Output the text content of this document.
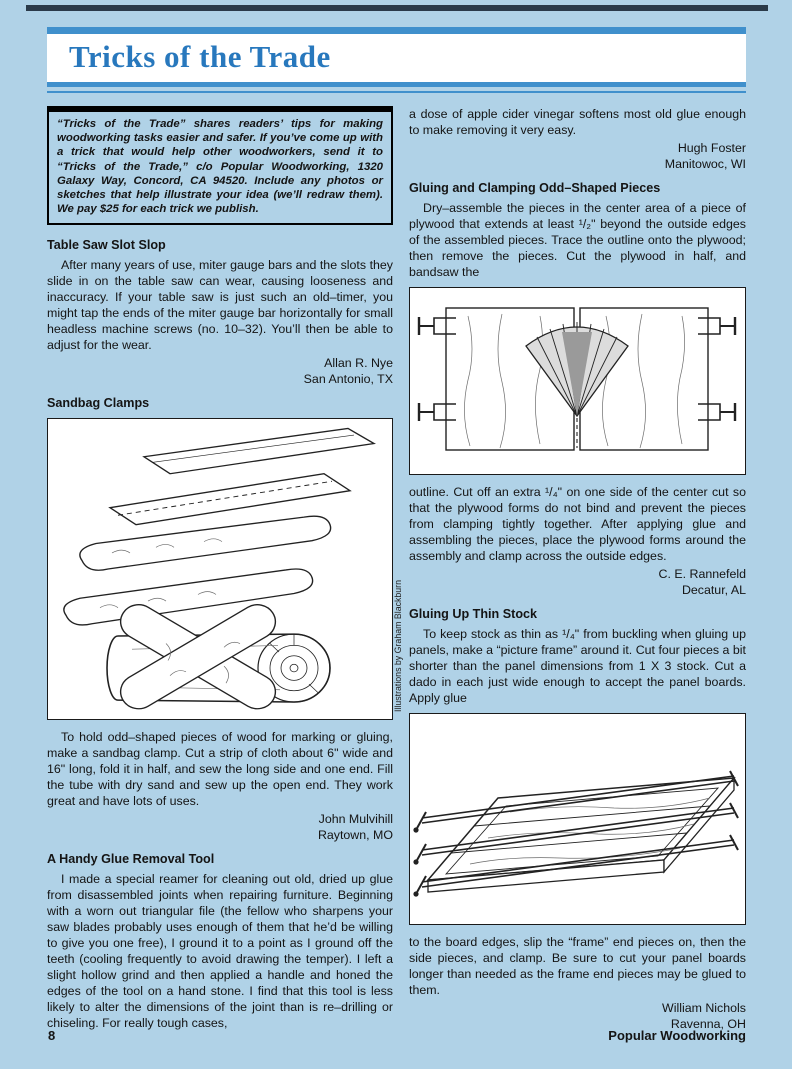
Tricks of the Trade
“Tricks of the Trade” shares readers’ tips for making woodworking tasks easier and safer. If you’ve come up with a trick that would help other woodworkers, send it to “Tricks of the Trade,” c/o Popular Woodworking, 1320 Galaxy Way, Concord, CA 94520. Include any photos or sketches that help illustrate your idea (we’ll redraw them). We pay $25 for each trick we publish.
Table Saw Slot Slop

After many years of use, miter gauge bars and the slots they slide in on the table saw can wear, causing looseness and inaccuracy. If your table saw is just such an old–timer, you might tap the ends of the miter gauge bar horizontally for small headless machine screws (no. 10–32). You’ll then be able to adjust for the wear.

Allan R. Nye
San Antonio, TX
Sandbag Clamps

To hold odd–shaped pieces of wood for marking or gluing, make a sandbag clamp. Cut a strip of cloth about 6" wide and 16" long, fold it in half, and sew the long side and one end. Fill the tube with dry sand and sew up the open end. They work great and have lots of uses.

John Mulvihill
Raytown, MO
A Handy Glue Removal Tool

I made a special reamer for cleaning out old, dried up glue from disassembled joints when repairing furniture. Beginning with a worn out triangular file (the fellow who sharpens your saw blades probably uses enough of them that he’d be willing to give you one free), I ground it to a point as I ground off the teeth (cooling frequently to avoid drawing the temper). I left a slight hollow grind and then applied a handle and honed the edges of the tool on a hand stone. I find that this tool is less likely to alter the dimensions of the joint than is re–drilling or chiseling. For really tough cases,

a dose of apple cider vinegar softens most old glue enough to make removing it very easy.

Hugh Foster
Manitowoc, WI
Gluing and Clamping Odd–Shaped Pieces

Dry–assemble the pieces in the center area of a piece of plywood that extends at least ¹/₂" beyond the outside edges of the assembled pieces. Trace the outline onto the plywood; then remove the pieces. Cut the plywood in half, and bandsaw the

outline. Cut off an extra ¹/₄" on one side of the center cut so that the plywood forms do not bind and prevent the pieces from clamping tightly together. After applying glue and assembling the pieces, place the plywood forms around the assembly and clamp across the outside edges.

C. E. Rannefeld
Decatur, AL
Gluing Up Thin Stock

To keep stock as thin as ¹/₄" from buckling when gluing up panels, make a “picture frame” around it. Cut four pieces a bit shorter than the panel dimensions from 1 X 3 stock. Cut a dado in each just wide enough to accept the panel boards. Apply glue

to the board edges, slip the “frame” end pieces on, then the side pieces, and clamp. Be sure to cut your panel boards longer than needed as the frame end pieces may be glued to them.

William Nichols
Ravenna, OH
Illustrations by Graham Blackburn
8	Popular Woodworking
